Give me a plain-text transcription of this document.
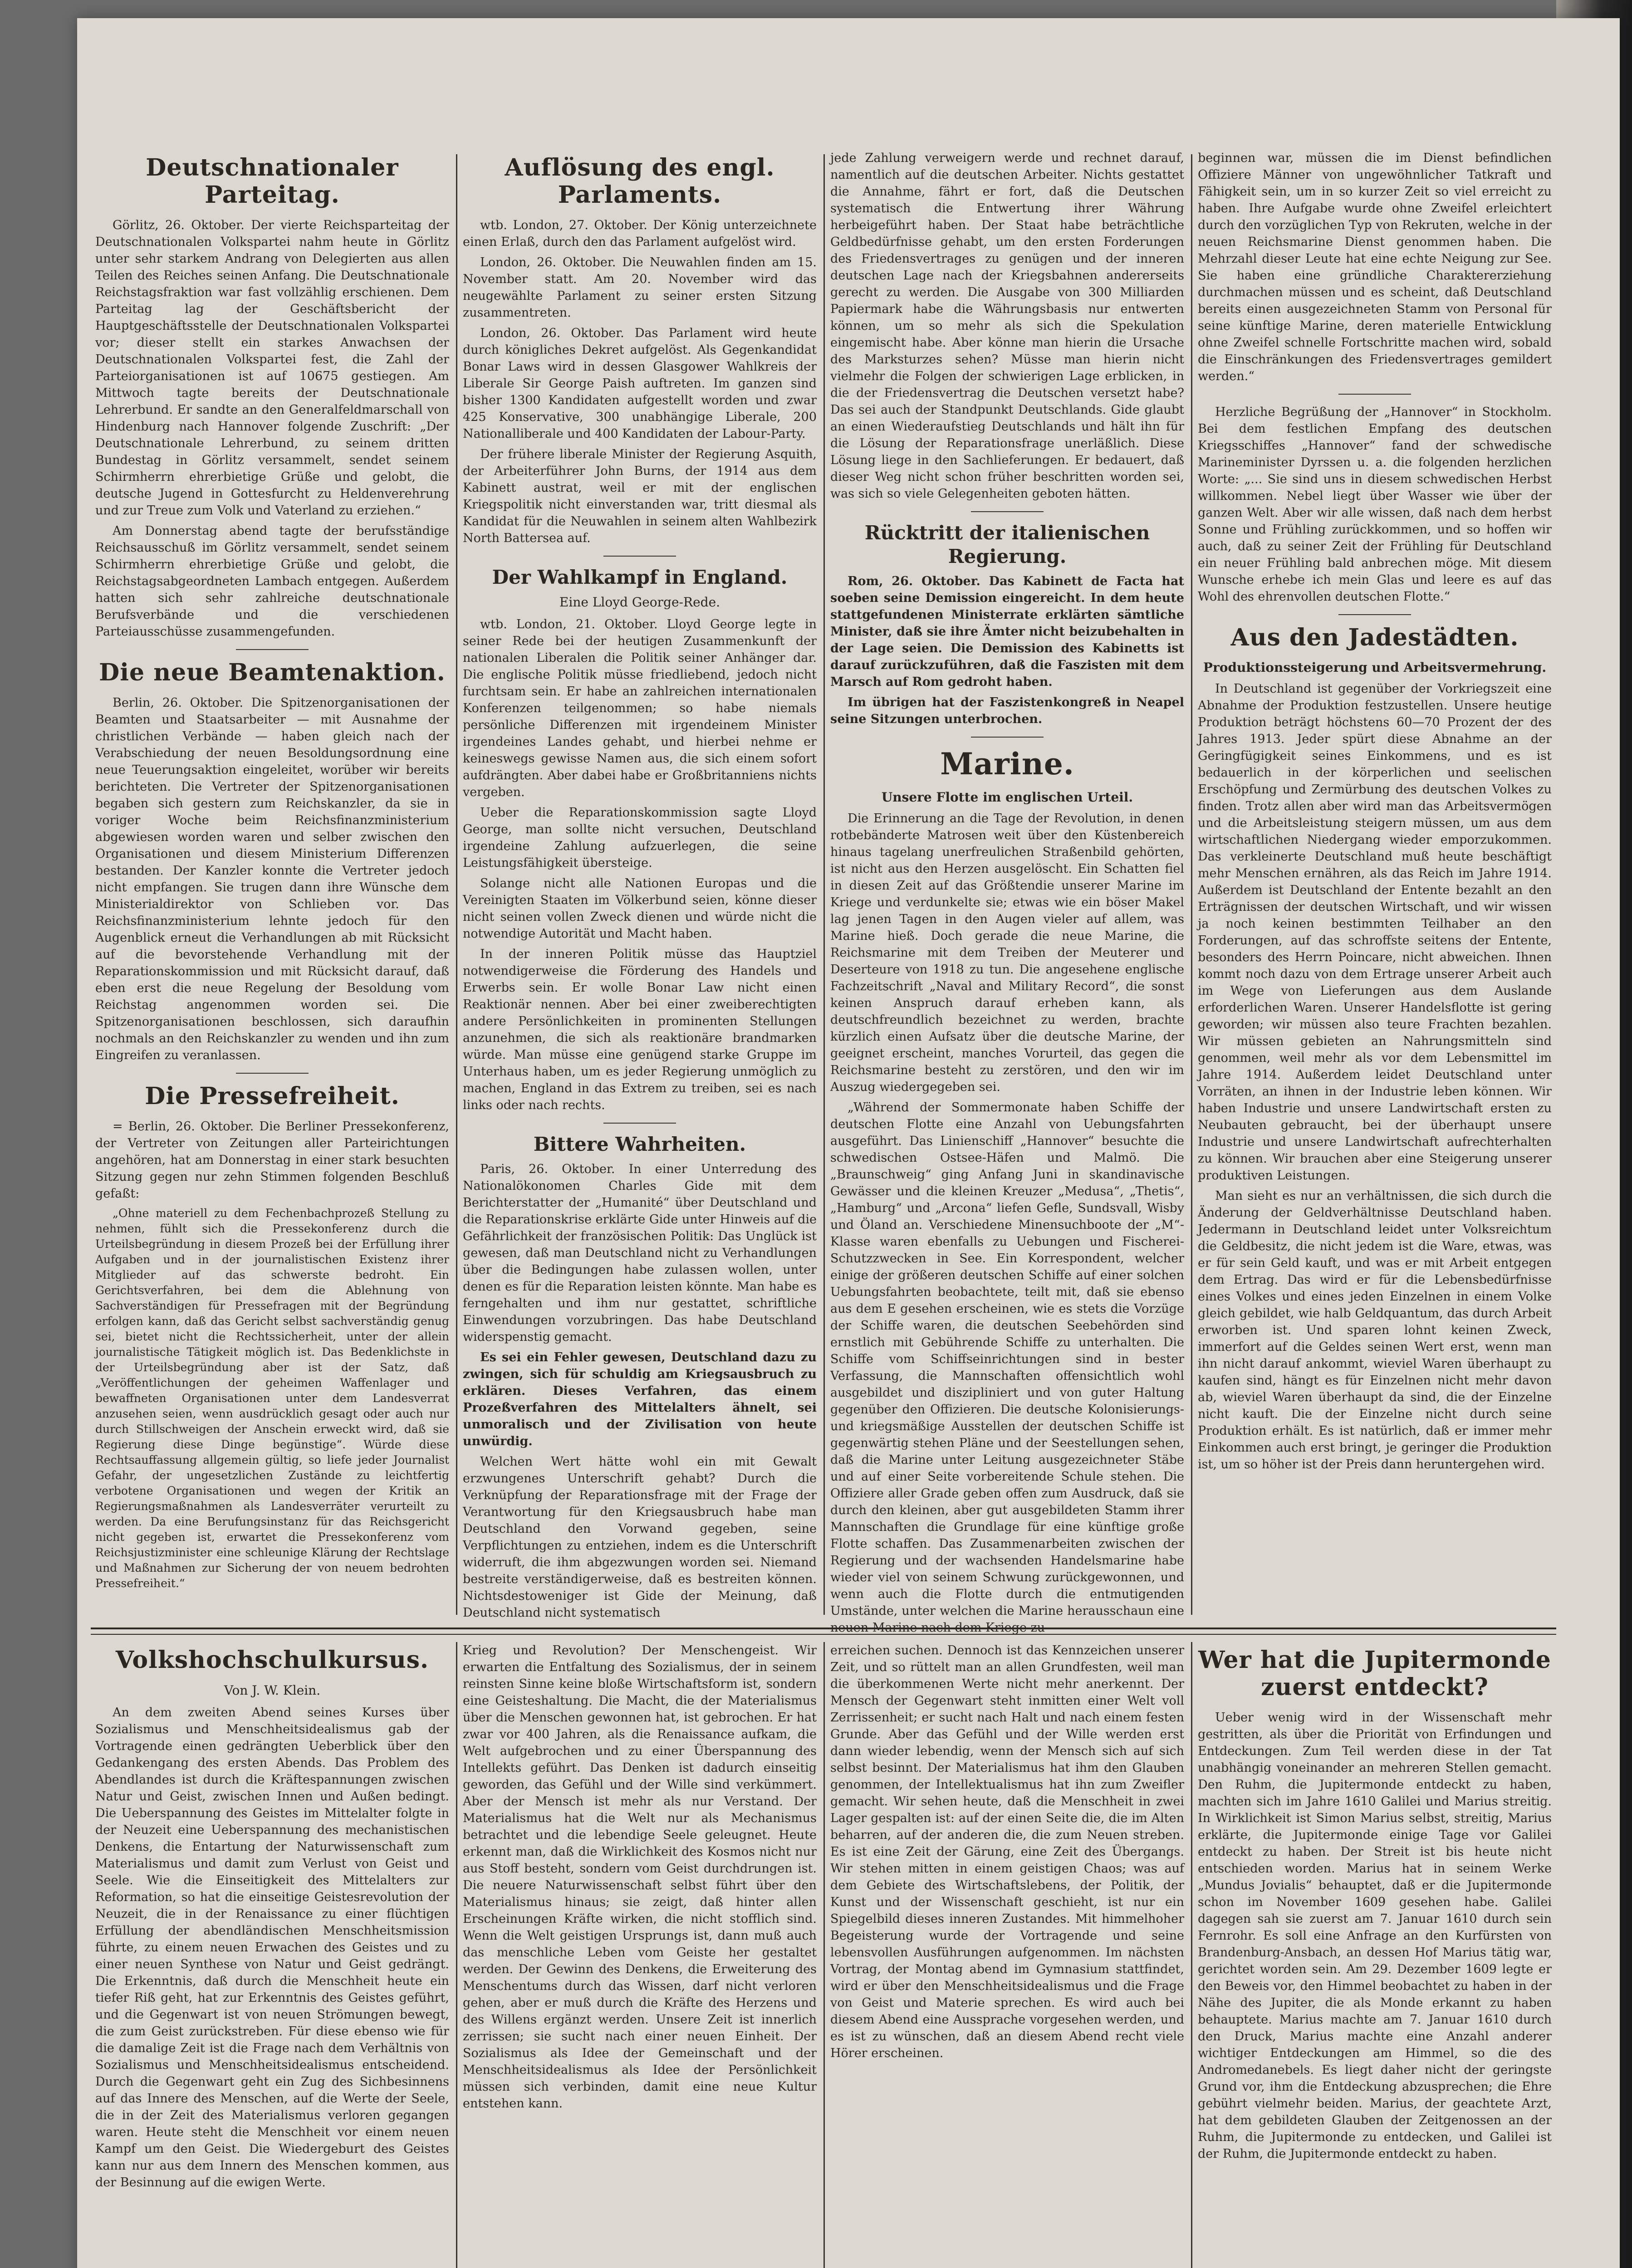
Deutschnationaler Parteitag.

Görlitz, 26. Oktober. Der vierte Reichsparteitag der Deutschnationalen Volkspartei nahm heute in Görlitz unter sehr starkem Andrang von Delegierten aus allen Teilen des Reiches seinen Anfang. Die Deutschnationale Reichstagsfraktion war fast vollzählig erschienen. Dem Parteitag lag der Geschäftsbericht der Hauptgeschäftsstelle der Deutschnationalen Volkspartei vor; dieser stellt ein starkes Anwachsen der Deutschnationalen Volkspartei fest, die Zahl der Parteiorganisationen ist auf 10675 gestiegen. Am Mittwoch tagte bereits der Deutschnationale Lehrerbund. Er sandte an den Generalfeldmarschall von Hindenburg nach Hannover folgende Zuschrift: „Der Deutschnationale Lehrerbund, zu seinem dritten Bundestag in Görlitz versammelt, sendet seinem Schirmherrn ehrerbietige Grüße und gelobt, die deutsche Jugend in Gottesfurcht zu Heldenverehrung und zur Treue zum Volk und Vaterland zu erziehen.“

Am Donnerstag abend tagte der berufsständige Reichsausschuß im Görlitz versammelt, sendet seinem Schirmherrn ehrerbietige Grüße und gelobt, die Reichstagsabgeordneten Lambach entgegen. Außerdem hatten sich sehr zahlreiche deutschnationale Berufsverbände und die verschiedenen Parteiausschüsse zusammengefunden.

Die neue Beamtenaktion.

Berlin, 26. Oktober. Die Spitzenorganisationen der Beamten und Staatsarbeiter — mit Ausnahme der christlichen Verbände — haben gleich nach der Verabschiedung der neuen Besoldungsordnung eine neue Teuerungsaktion eingeleitet, worüber wir bereits berichteten. Die Vertreter der Spitzenorganisationen begaben sich gestern zum Reichskanzler, da sie in voriger Woche beim Reichsfinanzministerium abgewiesen worden waren und selber zwischen den Organisationen und diesem Ministerium Differenzen bestanden. Der Kanzler konnte die Vertreter jedoch nicht empfangen. Sie trugen dann ihre Wünsche dem Ministerialdirektor von Schlieben vor. Das Reichsfinanzministerium lehnte jedoch für den Augenblick erneut die Verhandlungen ab mit Rücksicht auf die bevorstehende Verhandlung mit der Reparationskommission und mit Rücksicht darauf, daß eben erst die neue Regelung der Besoldung vom Reichstag angenommen worden sei. Die Spitzenorganisationen beschlossen, sich daraufhin nochmals an den Reichskanzler zu wenden und ihn zum Eingreifen zu veranlassen.

Die Pressefreiheit.

= Berlin, 26. Oktober. Die Berliner Pressekonferenz, der Vertreter von Zeitungen aller Parteirichtungen angehören, hat am Donnerstag in einer stark besuchten Sitzung gegen nur zehn Stimmen folgenden Beschluß gefaßt:

„Ohne materiell zu dem Fechenbachprozeß Stellung zu nehmen, fühlt sich die Pressekonferenz durch die Urteilsbegründung in diesem Prozeß bei der Erfüllung ihrer Aufgaben und in der journalistischen Existenz ihrer Mitglieder auf das schwerste bedroht. Ein Gerichtsverfahren, bei dem die Ablehnung von Sachverständigen für Pressefragen mit der Begründung erfolgen kann, daß das Gericht selbst sachverständig genug sei, bietet nicht die Rechtssicherheit, unter der allein journalistische Tätigkeit möglich ist. Das Bedenklichste in der Urteilsbegründung aber ist der Satz, daß „Veröffentlichungen der geheimen Waffenlager und bewaffneten Organisationen unter dem Landesverrat anzusehen seien, wenn ausdrücklich gesagt oder auch nur durch Stillschweigen der Anschein erweckt wird, daß sie Regierung diese Dinge begünstige“. Würde diese Rechtsauffassung allgemein gültig, so liefe jeder Journalist Gefahr, der ungesetzlichen Zustände zu leichtfertig verbotene Organisationen und wegen der Kritik an Regierungsmaßnahmen als Landesverräter verurteilt zu werden. Da eine Berufungsinstanz für das Reichsgericht nicht gegeben ist, erwartet die Pressekonferenz vom Reichsjustizminister eine schleunige Klärung der Rechtslage und Maßnahmen zur Sicherung der von neuem bedrohten Pressefreiheit.“

Auflösung des engl. Parlaments.

wtb. London, 27. Oktober. Der König unterzeichnete einen Erlaß, durch den das Parlament aufgelöst wird.

London, 26. Oktober. Die Neuwahlen finden am 15. November statt. Am 20. November wird das neugewählte Parlament zu seiner ersten Sitzung zusammentreten.

London, 26. Oktober. Das Parlament wird heute durch königliches Dekret aufgelöst. Als Gegenkandidat Bonar Laws wird in dessen Glasgower Wahlkreis der Liberale Sir George Paish auftreten. Im ganzen sind bisher 1300 Kandidaten aufgestellt worden und zwar 425 Konservative, 300 unabhängige Liberale, 200 Nationalliberale und 400 Kandidaten der Labour-Party.

Der frühere liberale Minister der Regierung Asquith, der Arbeiterführer John Burns, der 1914 aus dem Kabinett austrat, weil er mit der englischen Kriegspolitik nicht einverstanden war, tritt diesmal als Kandidat für die Neuwahlen in seinem alten Wahlbezirk North Battersea auf.

Der Wahlkampf in England.
Eine Lloyd George-Rede.

wtb. London, 21. Oktober. Lloyd George legte in seiner Rede bei der heutigen Zusammenkunft der nationalen Liberalen die Politik seiner Anhänger dar. Die englische Politik müsse friedliebend, jedoch nicht furchtsam sein. Er habe an zahlreichen internationalen Konferenzen teilgenommen; so habe niemals persönliche Differenzen mit irgendeinem Minister irgendeines Landes gehabt, und hierbei nehme er keineswegs gewisse Namen aus, die sich einem sofort aufdrängten. Aber dabei habe er Großbritanniens nichts vergeben.

Ueber die Reparationskommission sagte Lloyd George, man sollte nicht versuchen, Deutschland irgendeine Zahlung aufzuerlegen, die seine Leistungsfähigkeit übersteige.

Solange nicht alle Nationen Europas und die Vereinigten Staaten im Völkerbund seien, könne dieser nicht seinen vollen Zweck dienen und würde nicht die notwendige Autorität und Macht haben.

In der inneren Politik müsse das Hauptziel notwendigerweise die Förderung des Handels und Erwerbs sein. Er wolle Bonar Law nicht einen Reaktionär nennen. Aber bei einer zweiberechtigten andere Persönlichkeiten in prominenten Stellungen anzunehmen, die sich als reaktionäre brandmarken würde. Man müsse eine genügend starke Gruppe im Unterhaus haben, um es jeder Regierung unmöglich zu machen, England in das Extrem zu treiben, sei es nach links oder nach rechts.

Bittere Wahrheiten.

Paris, 26. Oktober. In einer Unterredung des Nationalökonomen Charles Gide mit dem Berichterstatter der „Humanité“ über Deutschland und die Reparationskrise erklärte Gide unter Hinweis auf die Gefährlichkeit der französischen Politik: Das Unglück ist gewesen, daß man Deutschland nicht zu Verhandlungen über die Bedingungen habe zulassen wollen, unter denen es für die Reparation leisten könnte. Man habe es ferngehalten und ihm nur gestattet, schriftliche Einwendungen vorzubringen. Das habe Deutschland widerspenstig gemacht.

Es sei ein Fehler gewesen, Deutschland dazu zu zwingen, sich für schuldig am Kriegsausbruch zu erklären. Dieses Verfahren, das einem Prozeßverfahren des Mittelalters ähnelt, sei unmoralisch und der Zivilisation von heute unwürdig.

Welchen Wert hätte wohl ein mit Gewalt erzwungenes Unterschrift gehabt? Durch die Verknüpfung der Reparationsfrage mit der Frage der Verantwortung für den Kriegsausbruch habe man Deutschland den Vorwand gegeben, seine Verpflichtungen zu entziehen, indem es die Unterschrift widerruft, die ihm abgezwungen worden sei. Niemand bestreite verständigerweise, daß es bestreiten können. Nichtsdestoweniger ist Gide der Meinung, daß Deutschland nicht systematisch

jede Zahlung verweigern werde und rechnet darauf, namentlich auf die deutschen Arbeiter. Nichts gestattet die Annahme, fährt er fort, daß die Deutschen systematisch die Entwertung ihrer Währung herbeigeführt haben. Der Staat habe beträchtliche Geldbedürfnisse gehabt, um den ersten Forderungen des Friedensvertrages zu genügen und der inneren deutschen Lage nach der Kriegsbahnen andererseits gerecht zu werden. Die Ausgabe von 300 Milliarden Papiermark habe die Währungsbasis nur entwerten können, um so mehr als sich die Spekulation eingemischt habe. Aber könne man hierin die Ursache des Marksturzes sehen? Müsse man hierin nicht vielmehr die Folgen der schwierigen Lage erblicken, in die der Friedensvertrag die Deutschen versetzt habe? Das sei auch der Standpunkt Deutschlands. Gide glaubt an einen Wiederaufstieg Deutschlands und hält ihn für die Lösung der Reparationsfrage unerläßlich. Diese Lösung liege in den Sachlieferungen. Er bedauert, daß dieser Weg nicht schon früher beschritten worden sei, was sich so viele Gelegenheiten geboten hätten.

Rücktritt der italienischen Regierung.

Rom, 26. Oktober. Das Kabinett de Facta hat soeben seine Demission eingereicht. In dem heute stattgefundenen Ministerrate erklärten sämtliche Minister, daß sie ihre Ämter nicht beizubehalten in der Lage seien. Die Demission des Kabinetts ist darauf zurückzuführen, daß die Faszisten mit dem Marsch auf Rom gedroht haben.

Im übrigen hat der Faszistenkongreß in Neapel seine Sitzungen unterbrochen.

Marine.
Unsere Flotte im englischen Urteil.

Die Erinnerung an die Tage der Revolution, in denen rotbebänderte Matrosen weit über den Küstenbereich hinaus tagelang unerfreulichen Straßenbild gehörten, ist nicht aus den Herzen ausgelöscht. Ein Schatten fiel in diesen Zeit auf das Größtendie unserer Marine im Kriege und verdunkelte sie; etwas wie ein böser Makel lag jenen Tagen in den Augen vieler auf allem, was Marine hieß. Doch gerade die neue Marine, die Reichsmarine mit dem Treiben der Meuterer und Deserteure von 1918 zu tun. Die angesehene englische Fachzeitschrift „Naval and Military Record“, die sonst keinen Anspruch darauf erheben kann, als deutschfreundlich bezeichnet zu werden, brachte kürzlich einen Aufsatz über die deutsche Marine, der geeignet erscheint, manches Vorurteil, das gegen die Reichsmarine besteht zu zerstören, und den wir im Auszug wiedergegeben sei.

„Während der Sommermonate haben Schiffe der deutschen Flotte eine Anzahl von Uebungsfahrten ausgeführt. Das Linienschiff „Hannover“ besuchte die schwedischen Ostsee-Häfen und Malmö. Die „Braunschweig“ ging Anfang Juni in skandinavische Gewässer und die kleinen Kreuzer „Medusa“, „Thetis“, „Hamburg“ und „Arcona“ liefen Gefle, Sundsvall, Wisby und Öland an. Verschiedene Minensuchboote der „M“-Klasse waren ebenfalls zu Uebungen und Fischerei-Schutzzwecken in See. Ein Korrespondent, welcher einige der größeren deutschen Schiffe auf einer solchen Uebungsfahrten beobachtete, teilt mit, daß sie ebenso aus dem E gesehen erscheinen, wie es stets die Vorzüge der Schiffe waren, die deutschen Seebehörden sind ernstlich mit Gebührende Schiffe zu unterhalten. Die Schiffe vom Schiffseinrichtungen sind in bester Verfassung, die Mannschaften offensichtlich wohl ausgebildet und diszipliniert und von guter Haltung gegenüber den Offizieren. Die deutsche Kolonisierungs- und kriegsmäßige Ausstellen der deutschen Schiffe ist gegenwärtig stehen Pläne und der Seestellungen sehen, daß die Marine unter Leitung ausgezeichneter Stäbe und auf einer Seite vorbereitende Schule stehen. Die Offiziere aller Grade geben offen zum Ausdruck, daß sie durch den kleinen, aber gut ausgebildeten Stamm ihrer Mannschaften die Grundlage für eine künftige große Flotte schaffen. Das Zusammenarbeiten zwischen der Regierung und der wachsenden Handelsmarine habe wieder viel von seinem Schwung zurückgewonnen, und wenn auch die Flotte durch die entmutigenden Umstände, unter welchen die Marine herausschaun eine neuen Marine nach dem Kriege zu

beginnen war, müssen die im Dienst befindlichen Offiziere Männer von ungewöhnlicher Tatkraft und Fähigkeit sein, um in so kurzer Zeit so viel erreicht zu haben. Ihre Aufgabe wurde ohne Zweifel erleichtert durch den vorzüglichen Typ von Rekruten, welche in der neuen Reichsmarine Dienst genommen haben. Die Mehrzahl dieser Leute hat eine echte Neigung zur See. Sie haben eine gründliche Charaktererziehung durchmachen müssen und es scheint, daß Deutschland bereits einen ausgezeichneten Stamm von Personal für seine künftige Marine, deren materielle Entwicklung ohne Zweifel schnelle Fortschritte machen wird, sobald die Einschränkungen des Friedensvertrages gemildert werden.“

Herzliche Begrüßung der „Hannover“ in Stockholm. Bei dem festlichen Empfang des deutschen Kriegsschiffes „Hannover“ fand der schwedische Marineminister Dyrssen u. a. die folgenden herzlichen Worte: „... Sie sind uns in diesem schwedischen Herbst willkommen. Nebel liegt über Wasser wie über der ganzen Welt. Aber wir alle wissen, daß nach dem herbst Sonne und Frühling zurückkommen, und so hoffen wir auch, daß zu seiner Zeit der Frühling für Deutschland ein neuer Frühling bald anbrechen möge. Mit diesem Wunsche erhebe ich mein Glas und leere es auf das Wohl des ehrenvollen deutschen Flotte.“

Aus den Jadestädten.
Produktionssteigerung und Arbeitsvermehrung.

In Deutschland ist gegenüber der Vorkriegszeit eine Abnahme der Produktion festzustellen. Unsere heutige Produktion beträgt höchstens 60—70 Prozent der des Jahres 1913. Jeder spürt diese Abnahme an der Geringfügigkeit seines Einkommens, und es ist bedauerlich in der körperlichen und seelischen Erschöpfung und Zermürbung des deutschen Volkes zu finden. Trotz allen aber wird man das Arbeitsvermögen und die Arbeitsleistung steigern müssen, um aus dem wirtschaftlichen Niedergang wieder emporzukommen. Das verkleinerte Deutschland muß heute beschäftigt mehr Menschen ernähren, als das Reich im Jahre 1914. Außerdem ist Deutschland der Entente bezahlt an den Erträgnissen der deutschen Wirtschaft, und wir wissen ja noch keinen bestimmten Teilhaber an den Forderungen, auf das schroffste seitens der Entente, besonders des Herrn Poincare, nicht abweichen. Ihnen kommt noch dazu von dem Ertrage unserer Arbeit auch im Wege von Lieferungen aus dem Auslande erforderlichen Waren. Unserer Handelsflotte ist gering geworden; wir müssen also teure Frachten bezahlen. Wir müssen gebieten an Nahrungsmitteln sind genommen, weil mehr als vor dem Lebensmittel im Jahre 1914. Außerdem leidet Deutschland unter Vorräten, an ihnen in der Industrie leben können. Wir haben Industrie und unsere Landwirtschaft ersten zu Neubauten gebraucht, bei der überhaupt unsere Industrie und unsere Landwirtschaft aufrechterhalten zu können. Wir brauchen aber eine Steigerung unserer produktiven Leistungen.

Man sieht es nur an verhältnissen, die sich durch die Änderung der Geldverhältnisse Deutschland haben. Jedermann in Deutschland leidet unter Volksreichtum die Geldbesitz, die nicht jedem ist die Ware, etwas, was er für sein Geld kauft, und was er mit Arbeit entgegen dem Ertrag. Das wird er für die Lebensbedürfnisse eines Volkes und eines jeden Einzelnen in einem Volke gleich gebildet, wie halb Geldquantum, das durch Arbeit erworben ist. Und sparen lohnt keinen Zweck, immerfort auf die Geldes seinen Wert erst, wenn man ihn nicht darauf ankommt, wieviel Waren überhaupt zu kaufen sind, hängt es für Einzelnen nicht mehr davon ab, wieviel Waren überhaupt da sind, die der Einzelne nicht kauft. Die der Einzelne nicht durch seine Produktion erhält. Es ist natürlich, daß er immer mehr Einkommen auch erst bringt, je geringer die Produktion ist, um so höher ist der Preis dann heruntergehen wird.

Volkshochschulkursus.
Von J. W. Klein.

An dem zweiten Abend seines Kurses über Sozialismus und Menschheitsidealismus gab der Vortragende einen gedrängten Ueberblick über den Gedankengang des ersten Abends. Das Problem des Abendlandes ist durch die Kräftespannungen zwischen Natur und Geist, zwischen Innen und Außen bedingt. Die Ueberspannung des Geistes im Mittelalter folgte in der Neuzeit eine Ueberspannung des mechanistischen Denkens, die Entartung der Naturwissenschaft zum Materialismus und damit zum Verlust von Geist und Seele. Wie die Einseitigkeit des Mittelalters zur Reformation, so hat die einseitige Geistesrevolution der Neuzeit, die in der Renaissance zu einer flüchtigen Erfüllung der abendländischen Menschheitsmission führte, zu einem neuen Erwachen des Geistes und zu einer neuen Synthese von Natur und Geist gedrängt. Die Erkenntnis, daß durch die Menschheit heute ein tiefer Riß geht, hat zur Erkenntnis des Geistes geführt, und die Gegenwart ist von neuen Strömungen bewegt, die zum Geist zurückstreben. Für diese ebenso wie für die damalige Zeit ist die Frage nach dem Verhältnis von Sozialismus und Menschheitsidealismus entscheidend. Durch die Gegenwart geht ein Zug des Sichbesinnens auf das Innere des Menschen, auf die Werte der Seele, die in der Zeit des Materialismus verloren gegangen waren. Heute steht die Menschheit vor einem neuen Kampf um den Geist. Die Wiedergeburt des Geistes kann nur aus dem Innern des Menschen kommen, aus der Besinnung auf die ewigen Werte.

Krieg und Revolution? Der Menschengeist. Wir erwarten die Entfaltung des Sozialismus, der in seinem reinsten Sinne keine bloße Wirtschaftsform ist, sondern eine Geisteshaltung. Die Macht, die der Materialismus über die Menschen gewonnen hat, ist gebrochen. Er hat zwar vor 400 Jahren, als die Renaissance aufkam, die Welt aufgebrochen und zu einer Überspannung des Intellekts geführt. Das Denken ist dadurch einseitig geworden, das Gefühl und der Wille sind verkümmert. Aber der Mensch ist mehr als nur Verstand. Der Materialismus hat die Welt nur als Mechanismus betrachtet und die lebendige Seele geleugnet. Heute erkennt man, daß die Wirklichkeit des Kosmos nicht nur aus Stoff besteht, sondern vom Geist durchdrungen ist. Die neuere Naturwissenschaft selbst führt über den Materialismus hinaus; sie zeigt, daß hinter allen Erscheinungen Kräfte wirken, die nicht stofflich sind. Wenn die Welt geistigen Ursprungs ist, dann muß auch das menschliche Leben vom Geiste her gestaltet werden. Der Gewinn des Denkens, die Erweiterung des Menschentums durch das Wissen, darf nicht verloren gehen, aber er muß durch die Kräfte des Herzens und des Willens ergänzt werden. Unsere Zeit ist innerlich zerrissen; sie sucht nach einer neuen Einheit. Der Sozialismus als Idee der Gemeinschaft und der Menschheitsidealismus als Idee der Persönlichkeit müssen sich verbinden, damit eine neue Kultur entstehen kann.

erreichen suchen. Dennoch ist das Kennzeichen unserer Zeit, und so rüttelt man an allen Grundfesten, weil man die überkommenen Werte nicht mehr anerkennt. Der Mensch der Gegenwart steht inmitten einer Welt voll Zerrissenheit; er sucht nach Halt und nach einem festen Grunde. Aber das Gefühl und der Wille werden erst dann wieder lebendig, wenn der Mensch sich auf sich selbst besinnt. Der Materialismus hat ihm den Glauben genommen, der Intellektualismus hat ihn zum Zweifler gemacht. Wir sehen heute, daß die Menschheit in zwei Lager gespalten ist: auf der einen Seite die, die im Alten beharren, auf der anderen die, die zum Neuen streben. Es ist eine Zeit der Gärung, eine Zeit des Übergangs. Wir stehen mitten in einem geistigen Chaos; was auf dem Gebiete des Wirtschaftslebens, der Politik, der Kunst und der Wissenschaft geschieht, ist nur ein Spiegelbild dieses inneren Zustandes. Mit himmelhoher Begeisterung wurde der Vortragende und seine lebensvollen Ausführungen aufgenommen. Im nächsten Vortrag, der Montag abend im Gymnasium stattfindet, wird er über den Menschheitsidealismus und die Frage von Geist und Materie sprechen. Es wird auch bei diesem Abend eine Aussprache vorgesehen werden, und es ist zu wünschen, daß an diesem Abend recht viele Hörer erscheinen.

Wer hat die Jupitermonde zuerst entdeckt?

Ueber wenig wird in der Wissenschaft mehr gestritten, als über die Priorität von Erfindungen und Entdeckungen. Zum Teil werden diese in der Tat unabhängig voneinander an mehreren Stellen gemacht. Den Ruhm, die Jupitermonde entdeckt zu haben, machten sich im Jahre 1610 Galilei und Marius streitig. In Wirklichkeit ist Simon Marius selbst, streitig, Marius erklärte, die Jupitermonde einige Tage vor Galilei entdeckt zu haben. Der Streit ist bis heute nicht entschieden worden. Marius hat in seinem Werke „Mundus Jovialis“ behauptet, daß er die Jupitermonde schon im November 1609 gesehen habe. Galilei dagegen sah sie zuerst am 7. Januar 1610 durch sein Fernrohr. Es soll eine Anfrage an den Kurfürsten von Brandenburg-Ansbach, an dessen Hof Marius tätig war, gerichtet worden sein. Am 29. Dezember 1609 legte er den Beweis vor, den Himmel beobachtet zu haben in der Nähe des Jupiter, die als Monde erkannt zu haben behauptete. Marius machte am 7. Januar 1610 durch den Druck, Marius machte eine Anzahl anderer wichtiger Entdeckungen am Himmel, so die des Andromedanebels. Es liegt daher nicht der geringste Grund vor, ihm die Entdeckung abzusprechen; die Ehre gebührt vielmehr beiden. Marius, der geachtete Arzt, hat dem gebildeten Glauben der Zeitgenossen an der Ruhm, die Jupitermonde zu entdecken, und Galilei ist der Ruhm, die Jupitermonde entdeckt zu haben.
